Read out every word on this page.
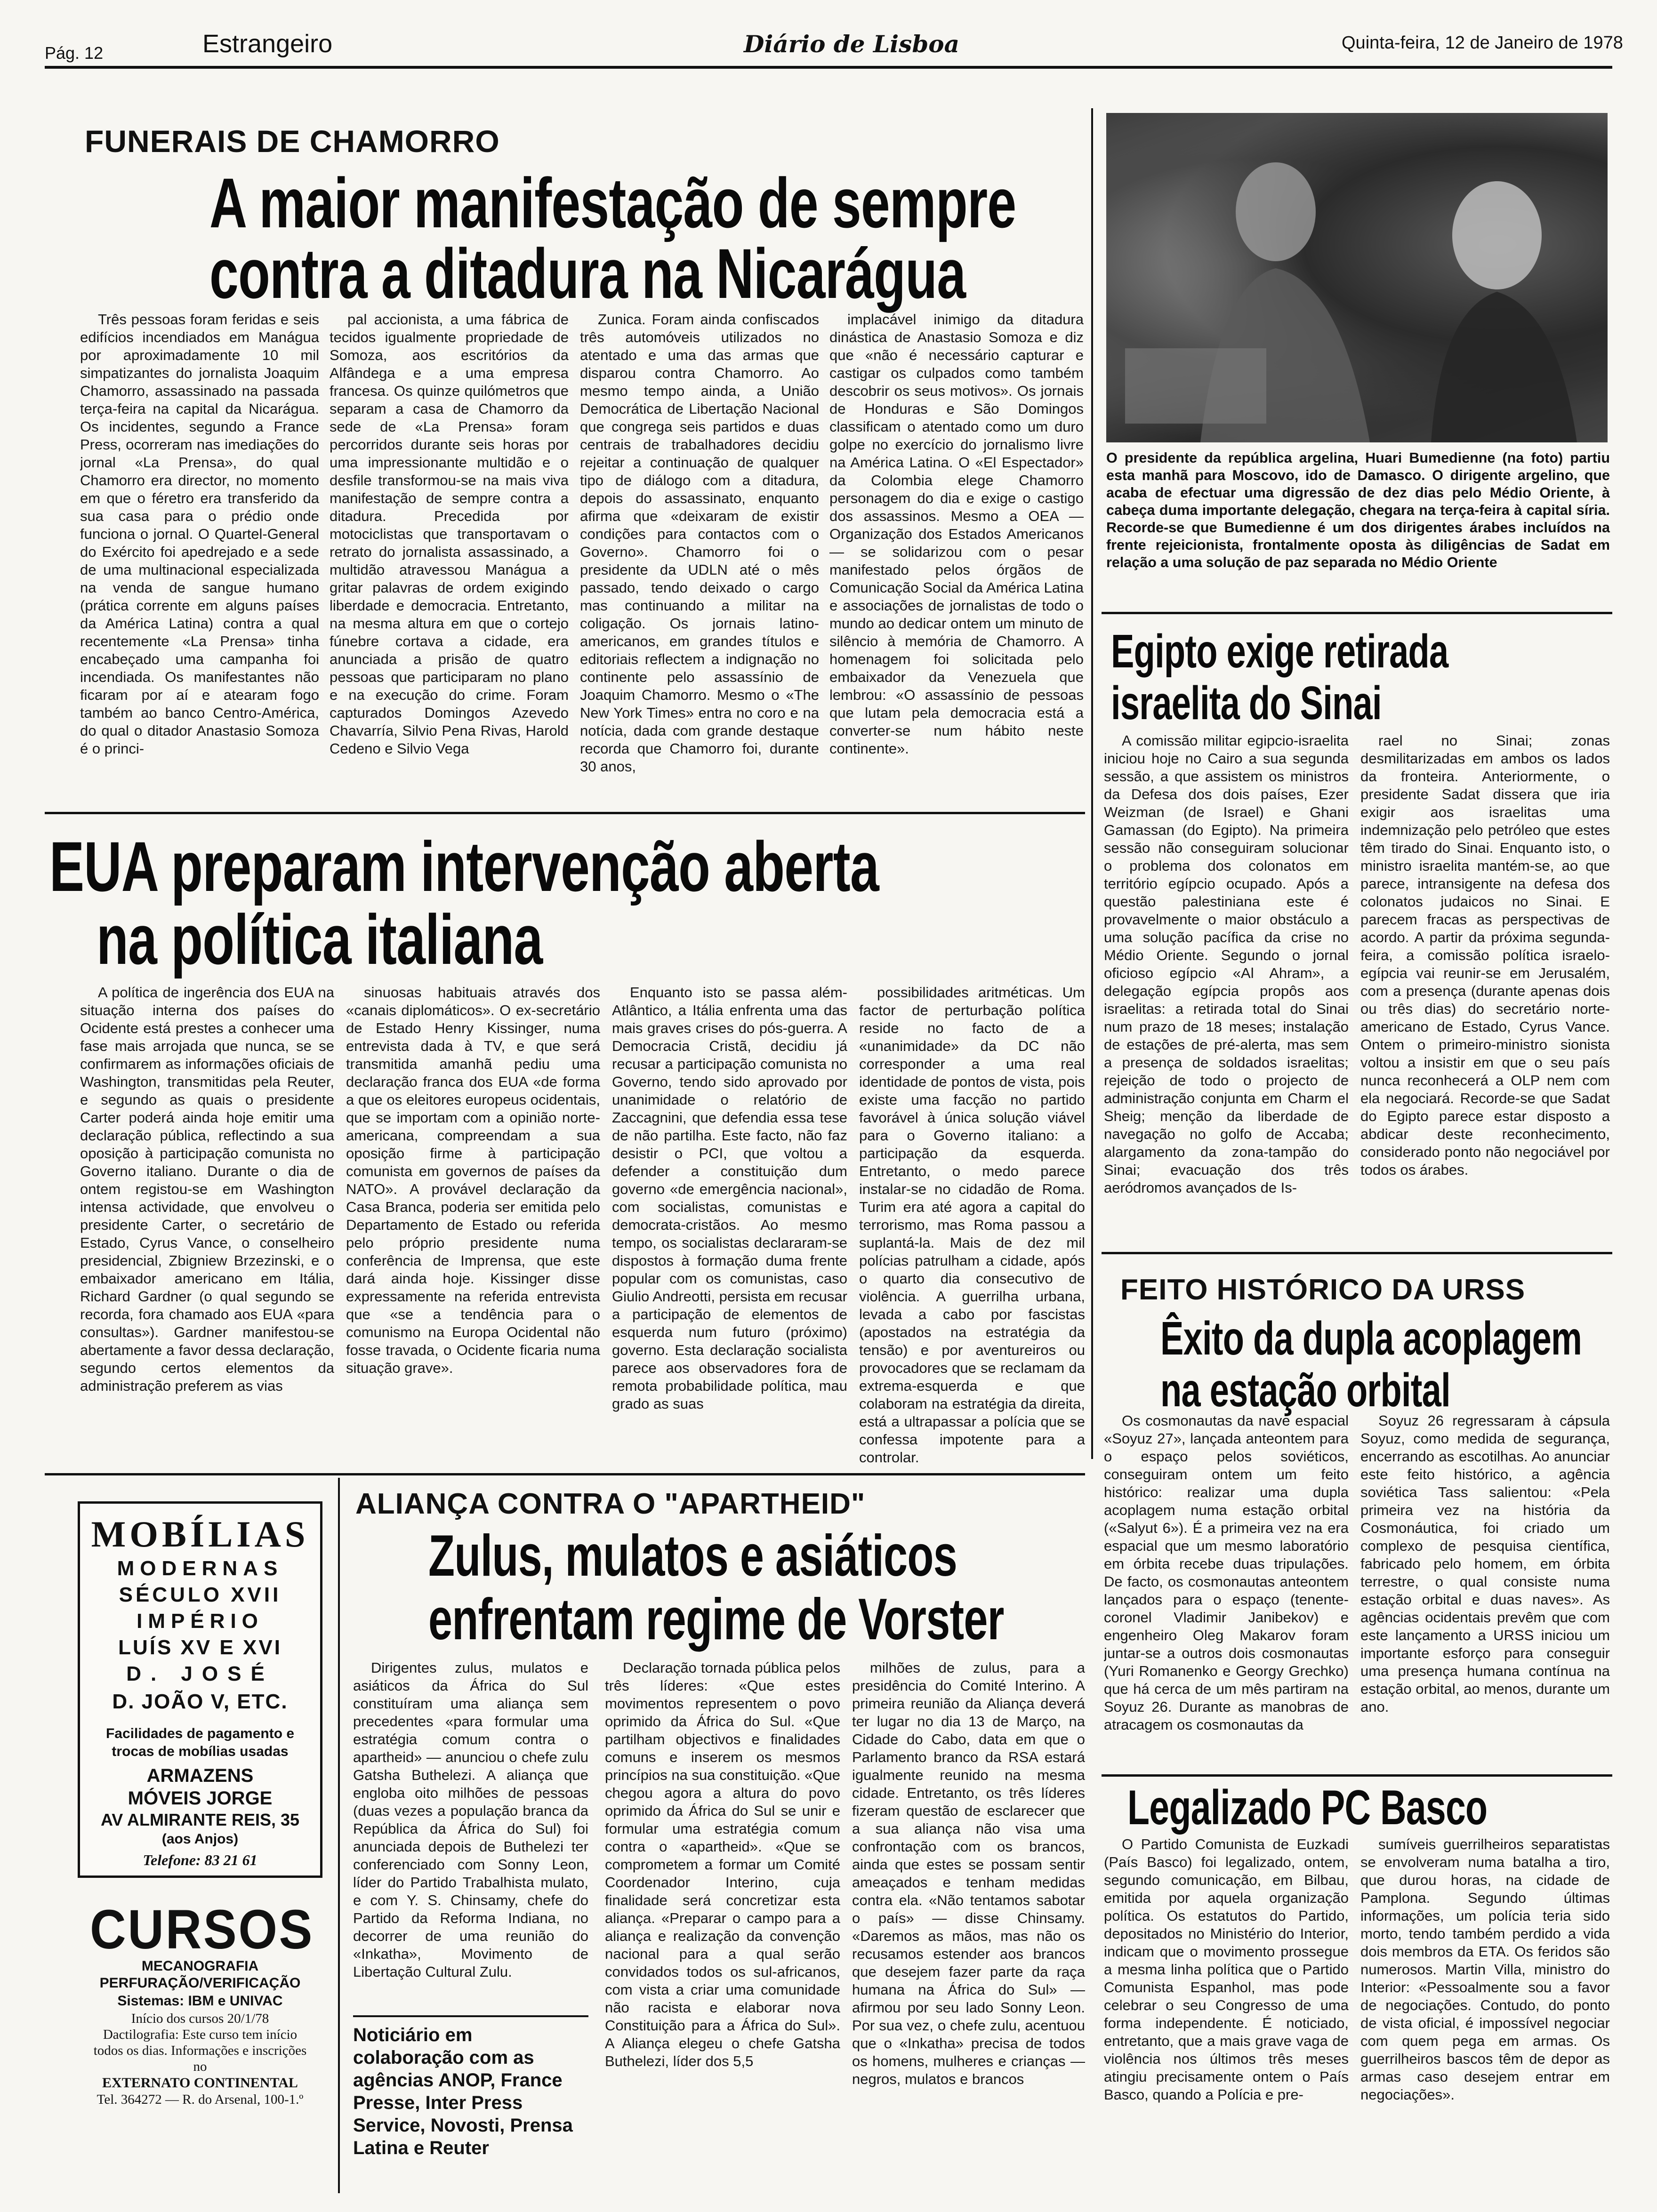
Pág. 12	Estrangeiro	Diário de Lisboa	Quinta-feira, 12 de Janeiro de 1978
FUNERAIS DE CHAMORRO
A maior manifestação de sempre
contra a ditadura na Nicarágua

Três pessoas foram feridas e seis edifícios incendiados em Manágua por aproximadamente 10 mil simpatizantes do jornalista Joaquim Chamorro, assassinado na passada terça-feira na capital da Nicarágua. Os incidentes, segundo a France Press, ocorreram nas imediações do jornal «La Prensa», do qual Chamorro era director, no momento em que o féretro era transferido da sua casa para o prédio onde funciona o jornal. O Quartel-General do Exército foi apedrejado e a sede de uma multinacional especializada na venda de sangue humano (prática corrente em alguns países da América Latina) contra a qual recentemente «La Prensa» tinha encabeçado uma campanha foi incendiada. Os manifestantes não ficaram por aí e atearam fogo também ao banco Centro-América, do qual o ditador Anastasio Somoza é o princi-

pal accionista, a uma fábrica de tecidos igualmente propriedade de Somoza, aos escritórios da Alfândega e a uma empresa francesa. Os quinze quilómetros que separam a casa de Chamorro da sede de «La Prensa» foram percorridos durante seis horas por uma impressionante multidão e o desfile transformou-se na mais viva manifestação de sempre contra a ditadura. Precedida por motociclistas que transportavam o retrato do jornalista assassinado, a multidão atravessou Manágua a gritar palavras de ordem exigindo liberdade e democracia. Entretanto, na mesma altura em que o cortejo fúnebre cortava a cidade, era anunciada a prisão de quatro pessoas que participaram no plano e na execução do crime. Foram capturados Domingos Azevedo Chavarría, Silvio Pena Rivas, Harold Cedeno e Silvio Vega

Zunica. Foram ainda confiscados três automóveis utilizados no atentado e uma das armas que disparou contra Chamorro. Ao mesmo tempo ainda, a União Democrática de Libertação Nacional que congrega seis partidos e duas centrais de trabalhadores decidiu rejeitar a continuação de qualquer tipo de diálogo com a ditadura, depois do assassinato, enquanto afirma que «deixaram de existir condições para contactos com o Governo». Chamorro foi o presidente da UDLN até o mês passado, tendo deixado o cargo mas continuando a militar na coligação. Os jornais latino-americanos, em grandes títulos e editoriais reflectem a indignação no continente pelo assassínio de Joaquim Chamorro. Mesmo o «The New York Times» entra no coro e na notícia, dada com grande destaque recorda que Chamorro foi, durante 30 anos,

implacável inimigo da ditadura dinástica de Anastasio Somoza e diz que «não é necessário capturar e castigar os culpados como também descobrir os seus motivos». Os jornais de Honduras e São Domingos classificam o atentado como um duro golpe no exercício do jornalismo livre na América Latina. O «El Espectador» da Colombia elege Chamorro personagem do dia e exige o castigo dos assassinos. Mesmo a OEA — Organização dos Estados Americanos — se solidarizou com o pesar manifestado pelos órgãos de Comunicação Social da América Latina e associações de jornalistas de todo o mundo ao dedicar ontem um minuto de silêncio à memória de Chamorro. A homenagem foi solicitada pelo embaixador da Venezuela que lembrou: «O assassínio de pessoas que lutam pela democracia está a converter-se num hábito neste continente».

O presidente da república argelina, Huari Bumedienne (na foto) partiu esta manhã para Moscovo, ido de Damasco. O dirigente argelino, que acaba de efectuar uma digressão de dez dias pelo Médio Oriente, à cabeça duma importante delegação, chegara na terça-feira à capital síria. Recorde-se que Bumedienne é um dos dirigentes árabes incluídos na frente rejeicionista, frontalmente oposta às diligências de Sadat em relação a uma solução de paz separada no Médio Oriente
Egipto exige retirada
israelita do Sinai

A comissão militar egipcio-israelita iniciou hoje no Cairo a sua segunda sessão, a que assistem os ministros da Defesa dos dois países, Ezer Weizman (de Israel) e Ghani Gamassan (do Egipto). Na primeira sessão não conseguiram solucionar o problema dos colonatos em território egípcio ocupado. Após a questão palestiniana este é provavelmente o maior obstáculo a uma solução pacífica da crise no Médio Oriente. Segundo o jornal oficioso egípcio «Al Ahram», a delegação egípcia propôs aos israelitas: a retirada total do Sinai num prazo de 18 meses; instalação de estações de pré-alerta, mas sem a presença de soldados israelitas; rejeição de todo o projecto de administração conjunta em Charm el Sheig; menção da liberdade de navegação no golfo de Accaba; alargamento da zona-tampão do Sinai; evacuação dos três aeródromos avançados de Is-

rael no Sinai; zonas desmilitarizadas em ambos os lados da fronteira. Anteriormente, o presidente Sadat dissera que iria exigir aos israelitas uma indemnização pelo petróleo que estes têm tirado do Sinai. Enquanto isto, o ministro israelita mantém-se, ao que parece, intransigente na defesa dos colonatos judaicos no Sinai. E parecem fracas as perspectivas de acordo. A partir da próxima segunda-feira, a comissão política israelo-egípcia vai reunir-se em Jerusalém, com a presença (durante apenas dois ou três dias) do secretário norte-americano de Estado, Cyrus Vance. Ontem o primeiro-ministro sionista voltou a insistir em que o seu país nunca reconhecerá a OLP nem com ela negociará. Recorde-se que Sadat do Egipto parece estar disposto a abdicar deste reconhecimento, considerado ponto não negociável por todos os árabes.

EUA preparam intervenção aberta
na política italiana

A política de ingerência dos EUA na situação interna dos países do Ocidente está prestes a conhecer uma fase mais arrojada que nunca, se se confirmarem as informações oficiais de Washington, transmitidas pela Reuter, e segundo as quais o presidente Carter poderá ainda hoje emitir uma declaração pública, reflectindo a sua oposição à participação comunista no Governo italiano. Durante o dia de ontem registou-se em Washington intensa actividade, que envolveu o presidente Carter, o secretário de Estado, Cyrus Vance, o conselheiro presidencial, Zbigniew Brzezinski, e o embaixador americano em Itália, Richard Gardner (o qual segundo se recorda, fora chamado aos EUA «para consultas»). Gardner manifestou-se abertamente a favor dessa declaração, segundo certos elementos da administração preferem as vias

sinuosas habituais através dos «canais diplomáticos». O ex-secretário de Estado Henry Kissinger, numa entrevista dada à TV, e que será transmitida amanhã pediu uma declaração franca dos EUA «de forma a que os eleitores europeus ocidentais, que se importam com a opinião norte-americana, compreendam a sua oposição firme à participação comunista em governos de países da NATO». A provável declaração da Casa Branca, poderia ser emitida pelo Departamento de Estado ou referida pelo próprio presidente numa conferência de Imprensa, que este dará ainda hoje. Kissinger disse expressamente na referida entrevista que «se a tendência para o comunismo na Europa Ocidental não fosse travada, o Ocidente ficaria numa situação grave».

Enquanto isto se passa além-Atlântico, a Itália enfrenta uma das mais graves crises do pós-guerra. A Democracia Cristã, decidiu já recusar a participação comunista no Governo, tendo sido aprovado por unanimidade o relatório de Zaccagnini, que defendia essa tese de não partilha. Este facto, não faz desistir o PCI, que voltou a defender a constituição dum governo «de emergência nacional», com socialistas, comunistas e democrata-cristãos. Ao mesmo tempo, os socialistas declararam-se dispostos à formação duma frente popular com os comunistas, caso Giulio Andreotti, persista em recusar a participação de elementos de esquerda num futuro (próximo) governo. Esta declaração socialista parece aos observadores fora de remota probabilidade política, mau grado as suas

possibilidades aritméticas. Um factor de perturbação política reside no facto de a «unanimidade» da DC não corresponder a uma real identidade de pontos de vista, pois existe uma facção no partido favorável à única solução viável para o Governo italiano: a participação da esquerda. Entretanto, o medo parece instalar-se no cidadão de Roma. Turim era até agora a capital do terrorismo, mas Roma passou a suplantá-la. Mais de dez mil polícias patrulham a cidade, após o quarto dia consecutivo de violência. A guerrilha urbana, levada a cabo por fascistas (apostados na estratégia da tensão) e por aventureiros ou provocadores que se reclamam da extrema-esquerda e que colaboram na estratégia da direita, está a ultrapassar a polícia que se confessa impotente para a controlar.

FEITO HISTÓRICO DA URSS
Êxito da dupla acoplagem
na estação orbital

Os cosmonautas da nave espacial «Soyuz 27», lançada anteontem para o espaço pelos soviéticos, conseguiram ontem um feito histórico: realizar uma dupla acoplagem numa estação orbital («Salyut 6»). É a primeira vez na era espacial que um mesmo laboratório em órbita recebe duas tripulações. De facto, os cosmonautas anteontem lançados para o espaço (tenente-coronel Vladimir Janibekov) e engenheiro Oleg Makarov foram juntar-se a outros dois cosmonautas (Yuri Romanenko e Georgy Grechko) que há cerca de um mês partiram na Soyuz 26. Durante as manobras de atracagem os cosmonautas da

Soyuz 26 regressaram à cápsula Soyuz, como medida de segurança, encerrando as escotilhas. Ao anunciar este feito histórico, a agência soviética Tass salientou: «Pela primeira vez na história da Cosmonáutica, foi criado um complexo de pesquisa científica, fabricado pelo homem, em órbita terrestre, o qual consiste numa estação orbital e duas naves». As agências ocidentais prevêm que com este lançamento a URSS iniciou um importante esforço para conseguir uma presença humana contínua na estação orbital, ao menos, durante um ano.

MOBÍLIAS
MODERNAS
SÉCULO XVII
IMPÉRIO
LUÍS XV E XVI
D. JOSÉ
D. JOÃO V, ETC.
Facilidades de pagamento e trocas de mobílias usadas
ARMAZENS
MÓVEIS JORGE
AV ALMIRANTE REIS, 35
(aos Anjos)
Telefone: 83 21 61
CURSOS
MECANOGRAFIA
PERFURAÇÃO/VERIFICAÇÃO
Sistemas: IBM e UNIVAC
Início dos cursos 20/1/78 Dactilografia: Este curso tem início todos os dias. Informações e inscrições no
EXTERNATO CONTINENTAL
Tel. 364272 — R. do Arsenal, 100-1.º
ALIANÇA CONTRA O "APARTHEID"
Zulus, mulatos e asiáticos
enfrentam regime de Vorster

Dirigentes zulus, mulatos e asiáticos da África do Sul constituíram uma aliança sem precedentes «para formular uma estratégia comum contra o apartheid» — anunciou o chefe zulu Gatsha Buthelezi. A aliança que engloba oito milhões de pessoas (duas vezes a população branca da República da África do Sul) foi anunciada depois de Buthelezi ter conferenciado com Sonny Leon, líder do Partido Trabalhista mulato, e com Y. S. Chinsamy, chefe do Partido da Reforma Indiana, no decorrer de uma reunião do «Inkatha», Movimento de Libertação Cultural Zulu.

Noticiário em colaboração com as agências ANOP, France Presse, Inter Press Service, Novosti, Prensa Latina e Reuter

Declaração tornada pública pelos três líderes: «Que estes movimentos representem o povo oprimido da África do Sul. «Que partilham objectivos e finalidades comuns e inserem os mesmos princípios na sua constituição. «Que chegou agora a altura do povo oprimido da África do Sul se unir e formular uma estratégia comum contra o «apartheid». «Que se comprometem a formar um Comité Coordenador Interino, cuja finalidade será concretizar esta aliança. «Preparar o campo para a aliança e realização da convenção nacional para a qual serão convidados todos os sul-africanos, com vista a criar uma comunidade não racista e elaborar nova Constituição para a África do Sul». A Aliança elegeu o chefe Gatsha Buthelezi, líder dos 5,5

milhões de zulus, para a presidência do Comité Interino. A primeira reunião da Aliança deverá ter lugar no dia 13 de Março, na Cidade do Cabo, data em que o Parlamento branco da RSA estará igualmente reunido na mesma cidade. Entretanto, os três líderes fizeram questão de esclarecer que a sua aliança não visa uma confrontação com os brancos, ainda que estes se possam sentir ameaçados e tenham medidas contra ela. «Não tentamos sabotar o país» — disse Chinsamy. «Daremos as mãos, mas não os recusamos estender aos brancos que desejem fazer parte da raça humana na África do Sul» — afirmou por seu lado Sonny Leon. Por sua vez, o chefe zulu, acentuou que o «Inkatha» precisa de todos os homens, mulheres e crianças — negros, mulatos e brancos

Legalizado PC Basco

O Partido Comunista de Euzkadi (País Basco) foi legalizado, ontem, segundo comunicação, em Bilbau, emitida por aquela organização política. Os estatutos do Partido, depositados no Ministério do Interior, indicam que o movimento prossegue a mesma linha política que o Partido Comunista Espanhol, mas pode celebrar o seu Congresso de uma forma independente. É noticiado, entretanto, que a mais grave vaga de violência nos últimos três meses atingiu precisamente ontem o País Basco, quando a Polícia e pre-

sumíveis guerrilheiros separatistas se envolveram numa batalha a tiro, que durou horas, na cidade de Pamplona. Segundo últimas informações, um polícia teria sido morto, tendo também perdido a vida dois membros da ETA. Os feridos são numerosos. Martin Villa, ministro do Interior: «Pessoalmente sou a favor de negociações. Contudo, do ponto de vista oficial, é impossível negociar com quem pega em armas. Os guerrilheiros bascos têm de depor as armas caso desejem entrar em negociações».
